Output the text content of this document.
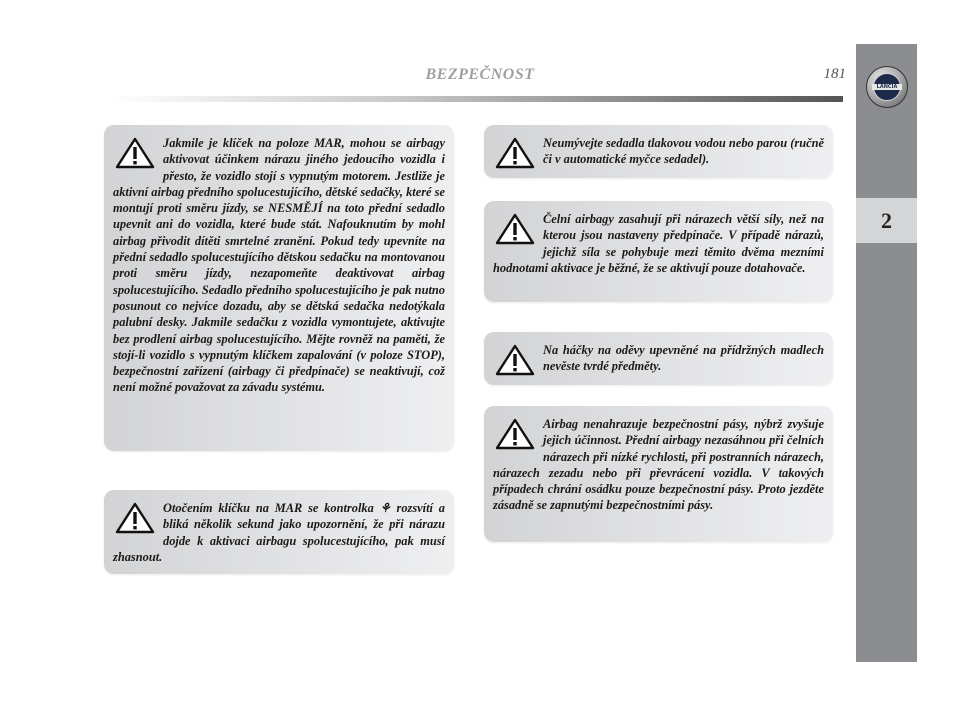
BEZPEČNOST	181
LANCIA
2
Jakmile je klíček na poloze MAR, mohou se airbagy aktivovat účinkem nárazu jiného jedoucího vozidla i přesto, že vozidlo stojí s vypnutým motorem. Jestliže je aktivní airbag předního spolucestujícího, dětské sedačky, které se montují proti směru jízdy, se NESMĚJÍ na toto přední sedadlo upevnit ani do vozidla, které bude stát. Nafouknutím by mohl airbag přivodit dítěti smrtelné zranění. Pokud tedy upevníte na přední sedadlo spolucestujícího dětskou sedačku na montovanou proti směru jízdy, nezapomeňte deaktivovat airbag spolucestujícího. Sedadlo předního spolucestujícího je pak nutno posunout co nejvíce dozadu, aby se dětská sedačka nedotýkala palubní desky. Jakmile sedačku z vozidla vymontujete, aktivujte bez prodlení airbag spolucestujícího. Mějte rovněž na paměti, že stojí-li vozidlo s vypnutým klíčkem zapalování (v poloze STOP), bezpečnostní zařízení (airbagy či předpínače) se neaktivují, což není možné považovat za závadu systému.
Otočením klíčku na MAR se kontrolka ⚘ rozsvítí a bliká několik sekund jako upozornění, že při nárazu dojde k aktivaci airbagu spolucestujícího, pak musí zhasnout.
Neumývejte sedadla tlakovou vodou nebo parou (ručně či v automatické myčce sedadel).
Čelní airbagy zasahují při nárazech větší síly, než na kterou jsou nastaveny předpínače. V případě nárazů, jejichž síla se pohybuje mezi těmito dvěma mezními hodnotami aktivace je běžné, že se aktivují pouze dotahovače.
Na háčky na oděvy upevněné na přídržných madlech nevěste tvrdé předměty.
Airbag nenahrazuje bezpečnostní pásy, nýbrž zvyšuje jejich účinnost. Přední airbagy nezasáhnou při čelních nárazech při nízké rychlosti, při postranních nárazech, nárazech zezadu nebo při převrácení vozidla. V takových případech chrání osádku pouze bezpečnostní pásy. Proto jezděte zásadně se zapnutými bezpečnostními pásy.
